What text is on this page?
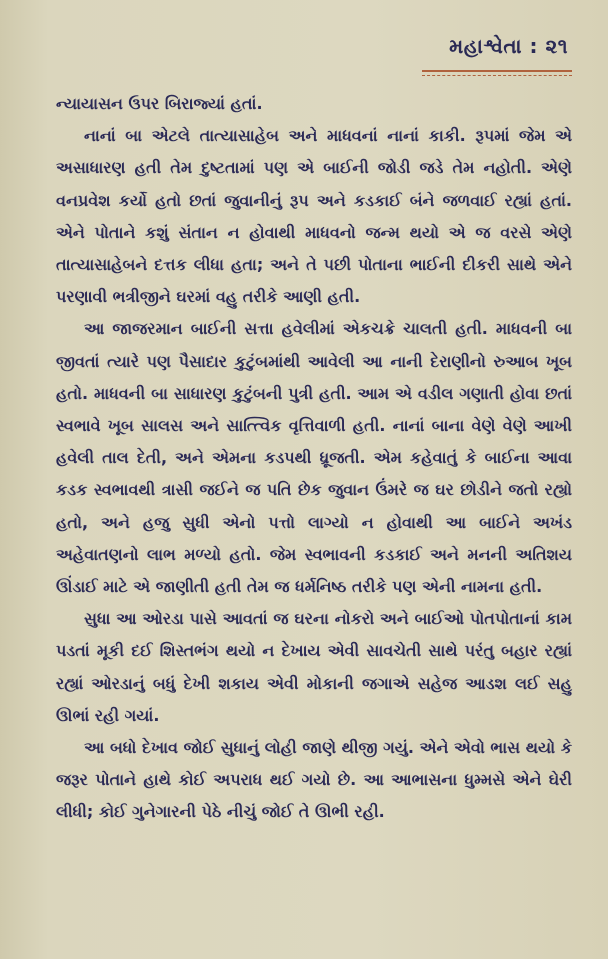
મહાશ્વેતા : ૨૧

ન્યાયાસન ઉપર બિરાજ્યાં હતાં.

નાનાં બા એટલે તાત્યાસાહેબ અને માધવનાં નાનાં કાકી. રૂપમાં જેમ એ અસાધારણ હતી તેમ દુષ્ટતામાં પણ એ બાઈની જોડી જડે તેમ નહોતી. એણે વનપ્રવેશ કર્યો હતો છતાં જુવાનીનું રૂપ અને કડકાઈ બંને જળવાઈ રહ્યાં હતાં. એને પોતાને કશું સંતાન ન હોવાથી માધવનો જન્મ થયો એ જ વરસે એણે તાત્યાસાહેબને દત્તક લીધા હતા; અને તે પછી પોતાના ભાઈની દીકરી સાથે એને પરણાવી ભત્રીજીને ઘરમાં વહુ તરીકે આણી હતી.

આ જાજરમાન બાઈની સત્તા હવેલીમાં એકચક્રે ચાલતી હતી. માધવની બા જીવતાં ત્યારે પણ પૈસાદાર કુટુંબમાંથી આવેલી આ નાની દેરાણીનો રુઆબ ખૂબ હતો. માધવની બા સાધારણ કુટુંબની પુત્રી હતી. આમ એ વડીલ ગણાતી હોવા છતાં સ્વભાવે ખૂબ સાલસ અને સાત્ત્વિક વૃત્તિવાળી હતી. નાનાં બાના વેણે વેણે આખી હવેલી તાલ દેતી, અને એમના કડપથી ધ્રૂજતી. એમ કહેવાતું કે બાઈના આવા કડક સ્વભાવથી ત્રાસી જઈને જ પતિ છેક જુવાન ઉંમરે જ ઘર છોડીને જતો રહ્યો હતો, અને હજુ સુધી એનો પત્તો લાગ્યો ન હોવાથી આ બાઈને અખંડ અહેવાતણનો લાભ મળ્યો હતો. જેમ સ્વભાવની કડકાઈ અને મનની અતિશય ઊંડાઈ માટે એ જાણીતી હતી તેમ જ ધર્મનિષ્ઠ તરીકે પણ એની નામના હતી.

સુધા આ ઓરડા પાસે આવતાં જ ઘરના નોકરો અને બાઈઓ પોતપોતાનાં કામ પડતાં મૂકી દઈ શિસ્તભંગ થયો ન દેખાય એવી સાવચેતી સાથે પરંતુ બહાર રહ્યાં રહ્યાં ઓરડાનું બધું દેખી શકાય એવી મોકાની જગાએ સહેજ આડશ લઈ સહુ ઊભાં રહી ગયાં.

આ બધો દેખાવ જોઈ સુધાનું લોહી જાણે થીજી ગયું. એને એવો ભાસ થયો કે જરૂર પોતાને હાથે કોઈ અપરાધ થઈ ગયો છે. આ આભાસના ધુમ્મસે એને ઘેરી લીધી; કોઈ ગુનેગારની પેઠે નીચું જોઈ તે ઊભી રહી.
